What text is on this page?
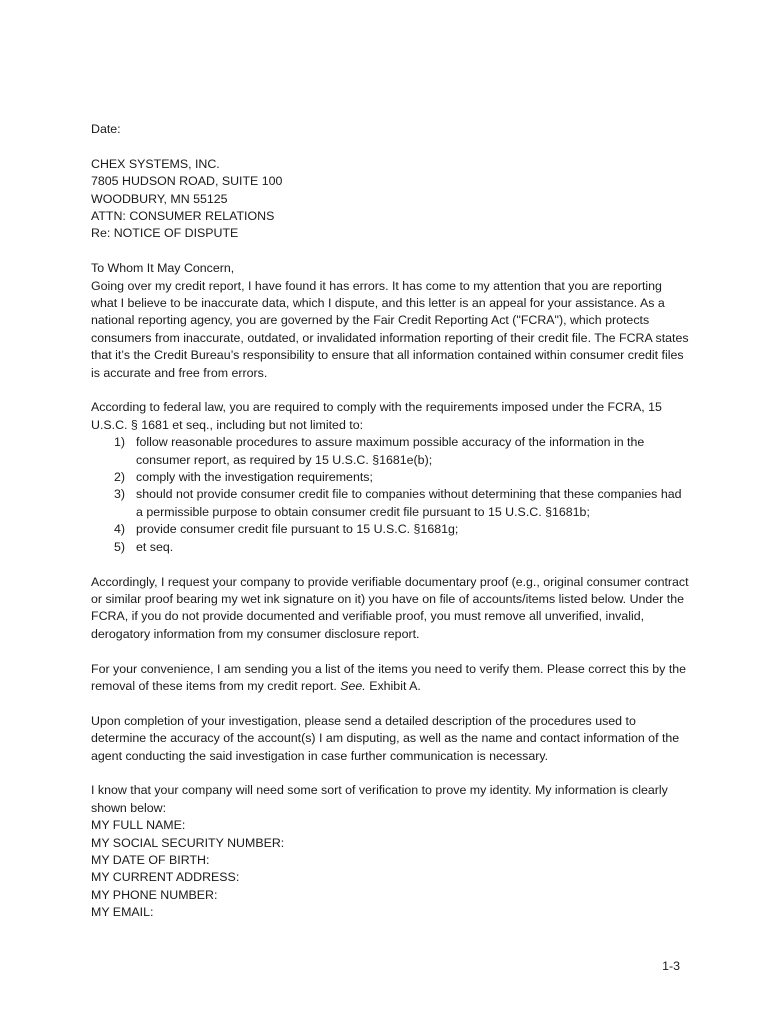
Date:

CHEX SYSTEMS, INC.

7805 HUDSON ROAD, SUITE 100

WOODBURY, MN 55125

ATTN: CONSUMER RELATIONS

Re: NOTICE OF DISPUTE

To Whom It May Concern,

Going over my credit report, I have found it has errors. It has come to my attention that you are reporting what I believe to be inaccurate data, which I dispute, and this letter is an appeal for your assistance. As a national reporting agency, you are governed by the Fair Credit Reporting Act ("FCRA"), which protects consumers from inaccurate, outdated, or invalidated information reporting of their credit file. The FCRA states that it’s the Credit Bureau’s responsibility to ensure that all information contained within consumer credit files is accurate and free from errors.

According to federal law, you are required to comply with the requirements imposed under the FCRA, 15 U.S.C. § 1681 et seq., including but not limited to:

1) follow reasonable procedures to assure maximum possible accuracy of the information in the consumer report, as required by 15 U.S.C. §1681e(b);
2) comply with the investigation requirements;
3) should not provide consumer credit file to companies without determining that these companies had a permissible purpose to obtain consumer credit file pursuant to 15 U.S.C. §1681b;
4) provide consumer credit file pursuant to 15 U.S.C. §1681g;
5) et seq.

Accordingly, I request your company to provide verifiable documentary proof (e.g., original consumer contract or similar proof bearing my wet ink signature on it) you have on file of accounts/items listed below. Under the FCRA, if you do not provide documented and verifiable proof, you must remove all unverified, invalid, derogatory information from my consumer disclosure report.

For your convenience, I am sending you a list of the items you need to verify them. Please correct this by the removal of these items from my credit report. See. Exhibit A.

Upon completion of your investigation, please send a detailed description of the procedures used to determine the accuracy of the account(s) I am disputing, as well as the name and contact information of the agent conducting the said investigation in case further communication is necessary.

I know that your company will need some sort of verification to prove my identity. My information is clearly shown below:

MY FULL NAME:

MY SOCIAL SECURITY NUMBER:

MY DATE OF BIRTH:

MY CURRENT ADDRESS:

MY PHONE NUMBER:

MY EMAIL:

1-3
